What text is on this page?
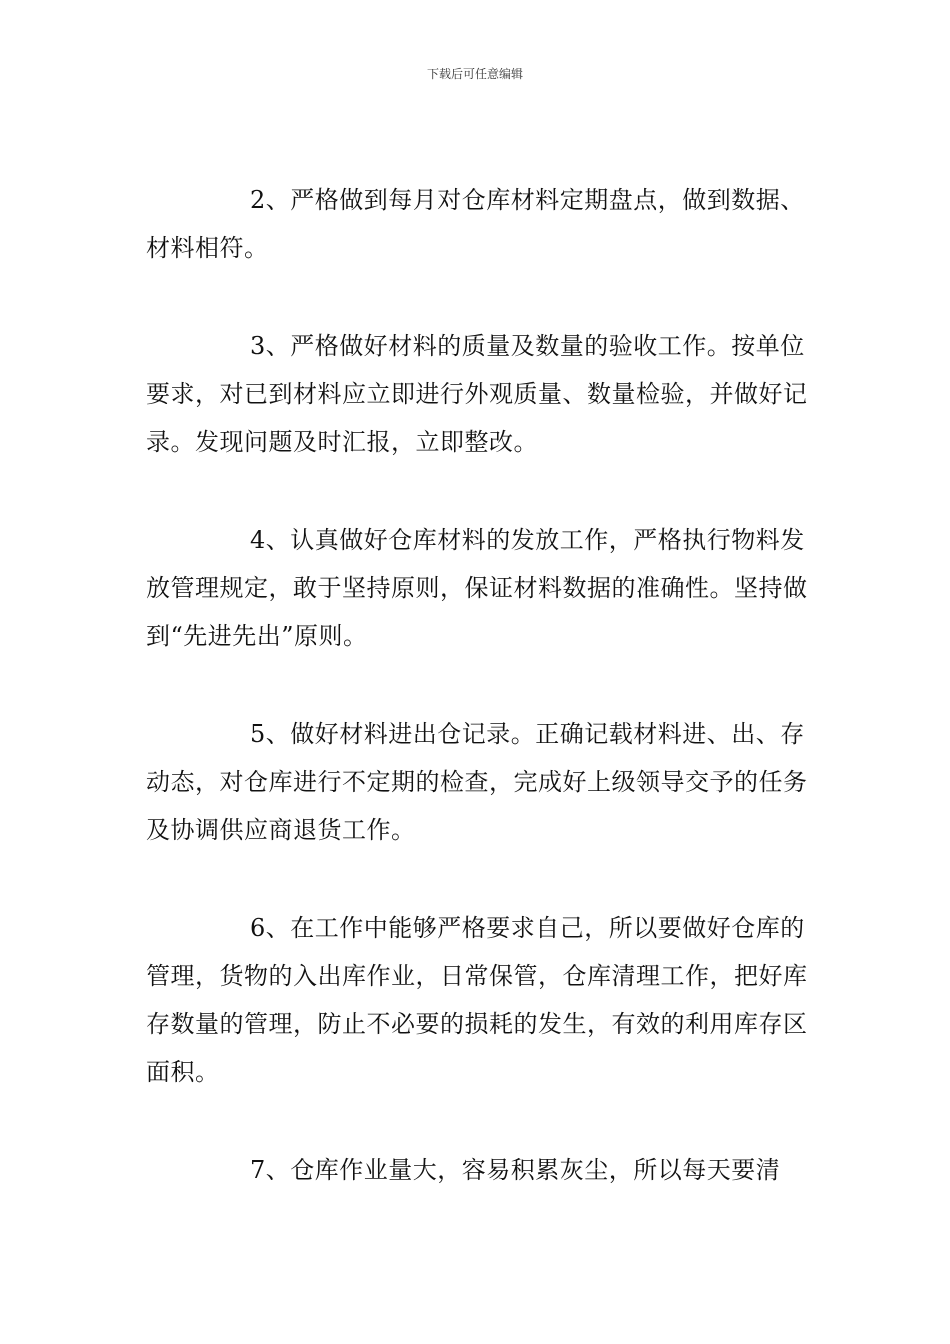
下载后可任意编辑

2、严格做到每月对仓库材料定期盘点，做到数据、材料相符。

3、严格做好材料的质量及数量的验收工作。按单位要求，对已到材料应立即进行外观质量、数量检验，并做好记录。发现问题及时汇报，立即整改。

4、认真做好仓库材料的发放工作，严格执行物料发放管理规定，敢于坚持原则，保证材料数据的准确性。坚持做到“先进先出”原则。

5、做好材料进出仓记录。正确记载材料进、出、存动态，对仓库进行不定期的检查，完成好上级领导交予的任务及协调供应商退货工作。

6、在工作中能够严格要求自己，所以要做好仓库的管理，货物的入出库作业，日常保管，仓库清理工作，把好库存数量的管理，防止不必要的损耗的发生，有效的利用库存区面积。

7、仓库作业量大，容易积累灰尘，所以每天要清
